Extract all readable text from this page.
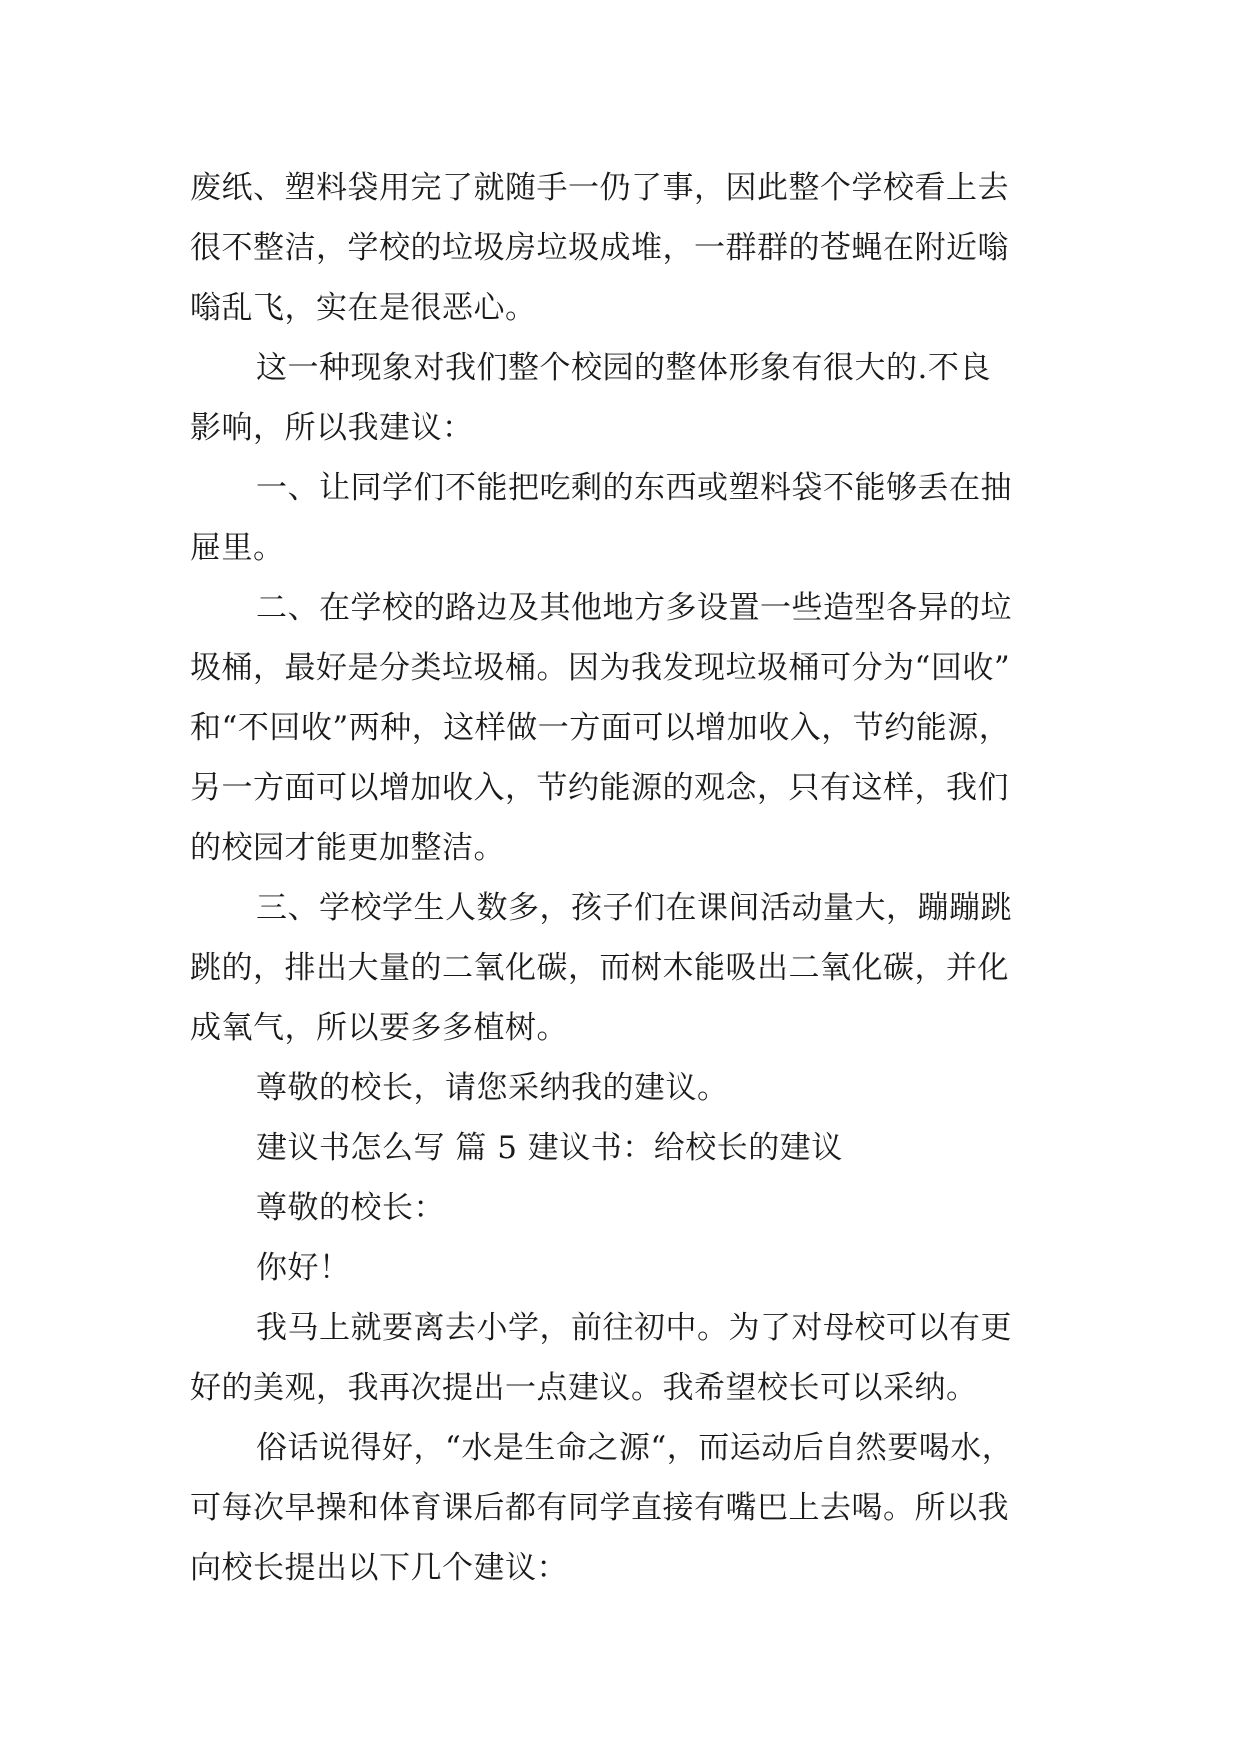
废纸、塑料袋用完了就随手一仍了事，因此整个学校看上去
很不整洁，学校的垃圾房垃圾成堆，一群群的苍蝇在附近嗡
嗡乱飞，实在是很恶心。
这一种现象对我们整个校园的整体形象有很大的.不良
影响，所以我建议：
一、让同学们不能把吃剩的东西或塑料袋不能够丢在抽
屉里。
二、在学校的路边及其他地方多设置一些造型各异的垃
圾桶，最好是分类垃圾桶。因为我发现垃圾桶可分为“回收”
和“不回收”两种，这样做一方面可以增加收入，节约能源，
另一方面可以增加收入，节约能源的观念，只有这样，我们
的校园才能更加整洁。
三、学校学生人数多，孩子们在课间活动量大，蹦蹦跳
跳的，排出大量的二氧化碳，而树木能吸出二氧化碳，并化
成氧气，所以要多多植树。
尊敬的校长，请您采纳我的建议。
建议书怎么写 篇 5 建议书：给校长的建议
尊敬的校长：
你好！
我马上就要离去小学，前往初中。为了对母校可以有更
好的美观，我再次提出一点建议。我希望校长可以采纳。
俗话说得好，“水是生命之源“，而运动后自然要喝水，
可每次早操和体育课后都有同学直接有嘴巴上去喝。所以我
向校长提出以下几个建议：
